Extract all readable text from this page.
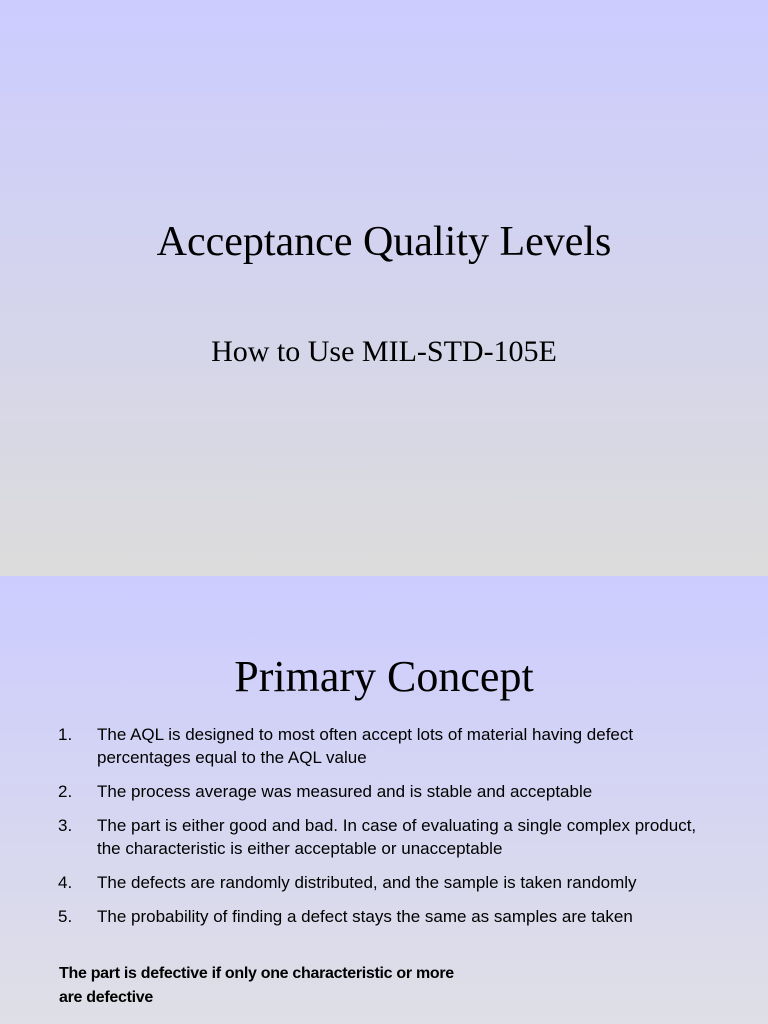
Acceptance Quality Levels
How to Use MIL-STD-105E
Primary Concept
1. The AQL is designed to most often accept lots of material having defect percentages equal to the AQL value
2. The process average was measured and is stable and acceptable
3. The part is either good and bad. In case of evaluating a single complex product, the characteristic is either acceptable or unacceptable
4. The defects are randomly distributed, and the sample is taken randomly
5. The probability of finding a defect stays the same as samples are taken

The part is defective if only one characteristic or more are defective
